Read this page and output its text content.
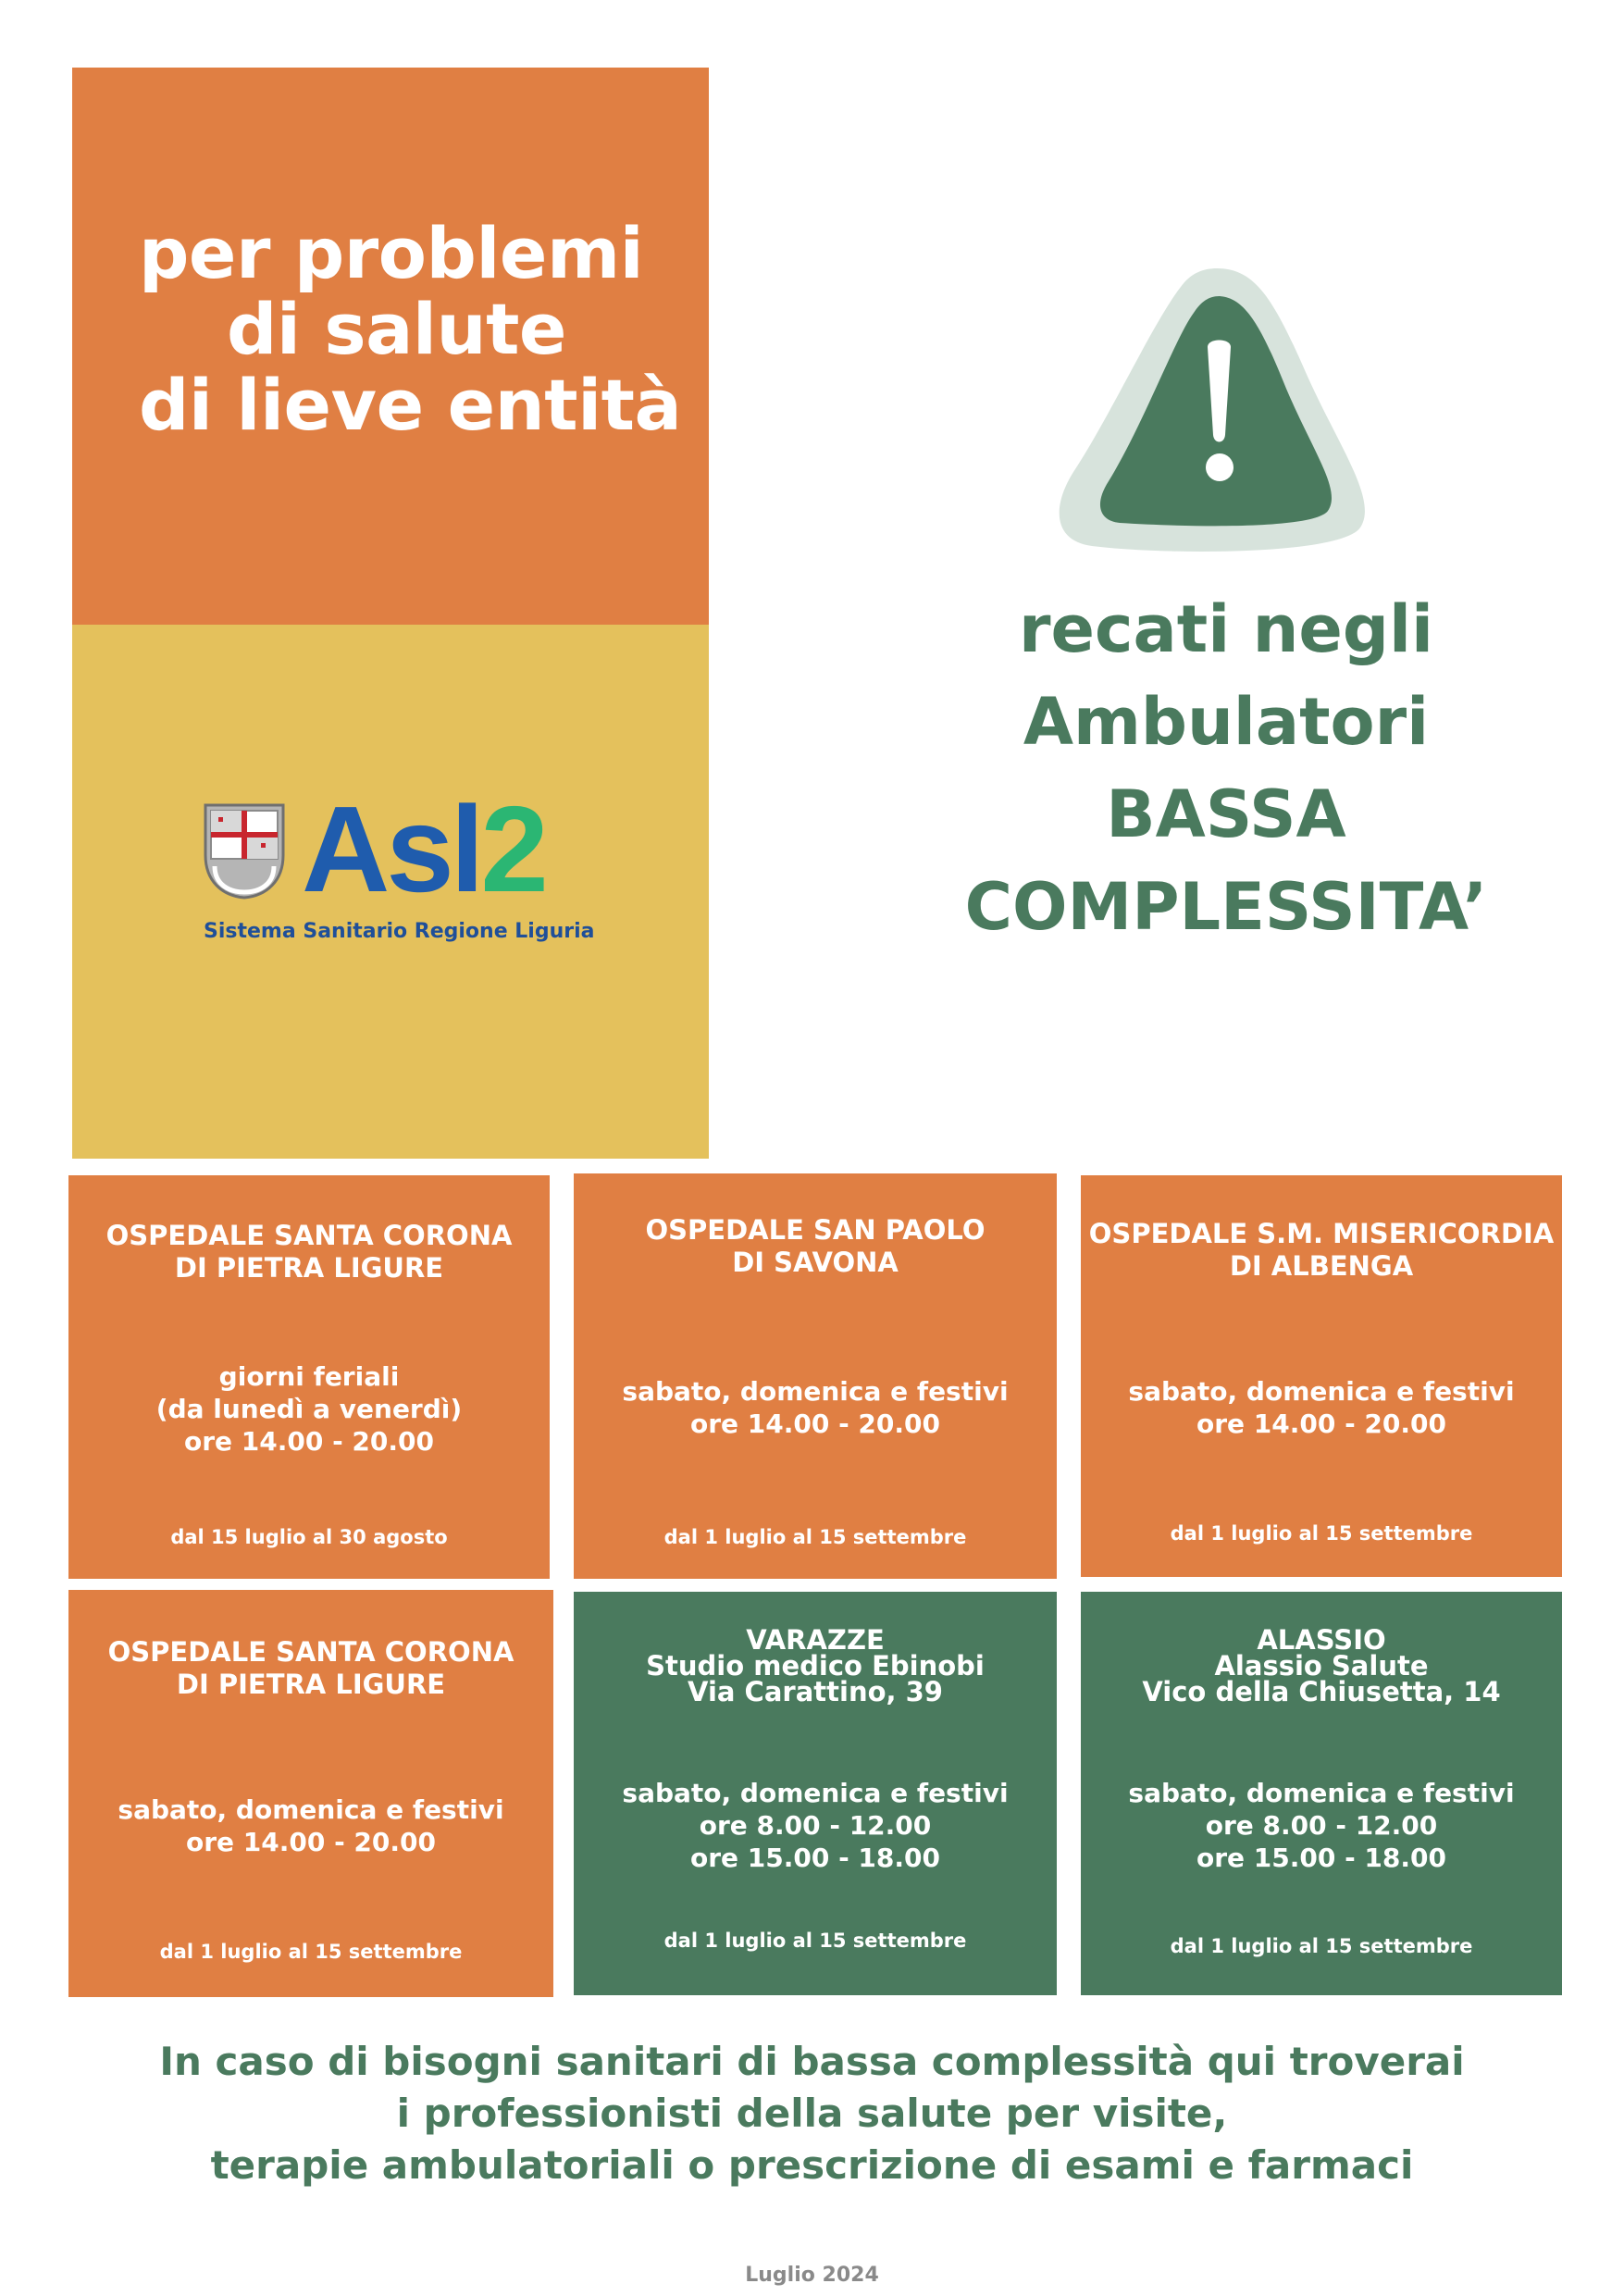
per problemi
di salute
di lieve entità
Asl2
Sistema Sanitario Regione Liguria
recati negli
Ambulatori
BASSA
COMPLESSITA’
OSPEDALE SANTA CORONA
DI PIETRA LIGURE
giorni feriali
(da lunedì a venerdì)
ore 14.00 - 20.00
dal 15 luglio al 30 agosto
OSPEDALE SAN PAOLO
DI SAVONA
sabato, domenica e festivi
ore 14.00 - 20.00
dal 1 luglio al 15 settembre
OSPEDALE S.M. MISERICORDIA
DI ALBENGA
sabato, domenica e festivi
ore 14.00 - 20.00
dal 1 luglio al 15 settembre
OSPEDALE SANTA CORONA
DI PIETRA LIGURE
sabato, domenica e festivi
ore 14.00 - 20.00
dal 1 luglio al 15 settembre
VARAZZE
Studio medico Ebinobi
Via Carattino, 39
sabato, domenica e festivi
ore 8.00 - 12.00
ore 15.00 - 18.00
dal 1 luglio al 15 settembre
ALASSIO
Alassio Salute
Vico della Chiusetta, 14
sabato, domenica e festivi
ore 8.00 - 12.00
ore 15.00 - 18.00
dal 1 luglio al 15 settembre
In caso di bisogni sanitari di bassa complessità qui troverai
i professionisti della salute per visite,
terapie ambulatoriali o prescrizione di esami e farmaci
Luglio 2024
